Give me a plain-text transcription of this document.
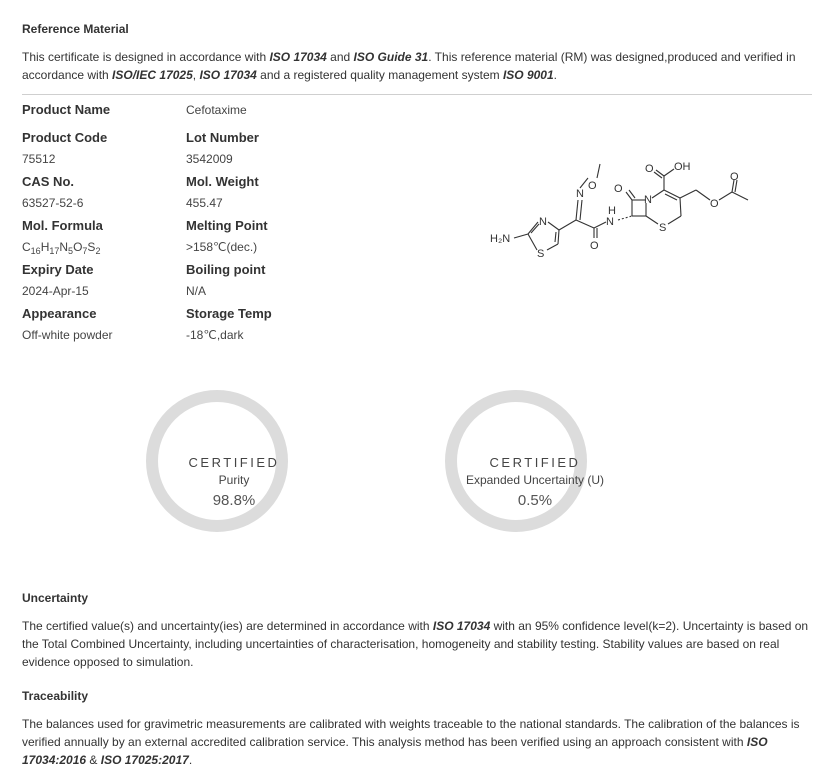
Reference Material
This certificate is designed in accordance with ISO 17034 and ISO Guide 31. This reference material (RM) was designed,produced and verified in accordance with ISO/IEC 17025, ISO 17034 and a registered quality management system ISO 9001.
Product Name	Cefotaxime
Product Code
75512
Lot Number
3542009
CAS No.
63527-52-6
Mol. Weight
455.47
Mol. Formula
$C_{16}H_{17}N_5O_7S_2$
Melting Point
>158℃(dec.)
Expiry Date
2024-Apr-15
Boiling point
N/A
Appearance
Off-white powder
Storage Temp
-18℃,dark
H₂N
N
S
N
O
N
H
O
O
N
S
O OH
O
O
CERTIFIED
Purity
98.8%
CERTIFIED
Expanded Uncertainty (U)
0.5%
Uncertainty
The certified value(s) and uncertainty(ies) are determined in accordance with ISO 17034 with an 95% confidence level(k=2). Uncertainty is based on the Total Combined Uncertainty, including uncertainties of characterisation, homogeneity and stability testing. Stability values are based on real evidence opposed to simulation.
Traceability
The balances used for gravimetric measurements are calibrated with weights traceable to the national standards. The calibration of the balances is verified annually by an external accredited calibration service. This analysis method has been verified using an approach consistent with ISO 17034:2016 & ISO 17025:2017.
